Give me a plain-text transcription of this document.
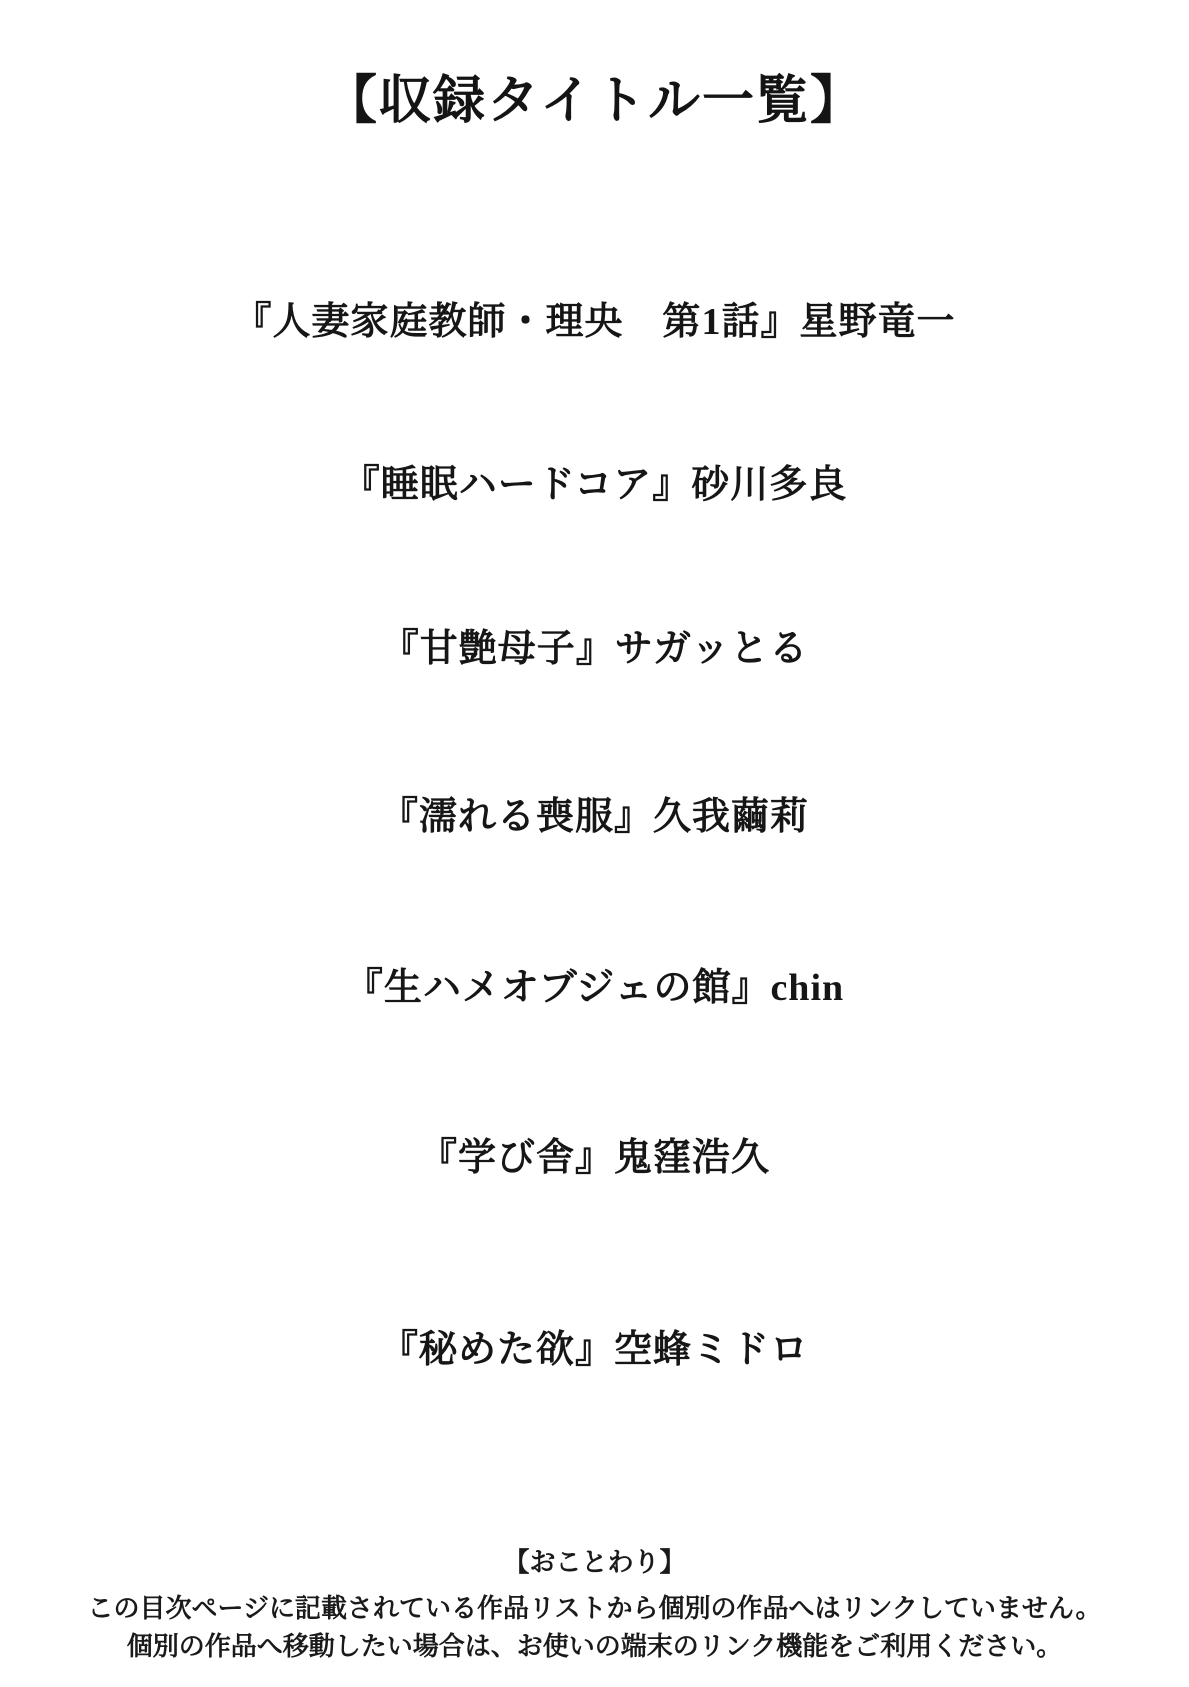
【収録タイトル一覧】
『人妻家庭教師・理央　第1話』星野竜一
『睡眠ハードコア』砂川多良
『甘艶母子』サガッとる
『濡れる喪服』久我繭莉
『生ハメオブジェの館』chin
『学び舎』鬼窪浩久
『秘めた欲』空蜂ミドロ
【おことわり】
この目次ページに記載されている作品リストから個別の作品へはリンクしていません。
個別の作品へ移動したい場合は、お使いの端末のリンク機能をご利用ください。
